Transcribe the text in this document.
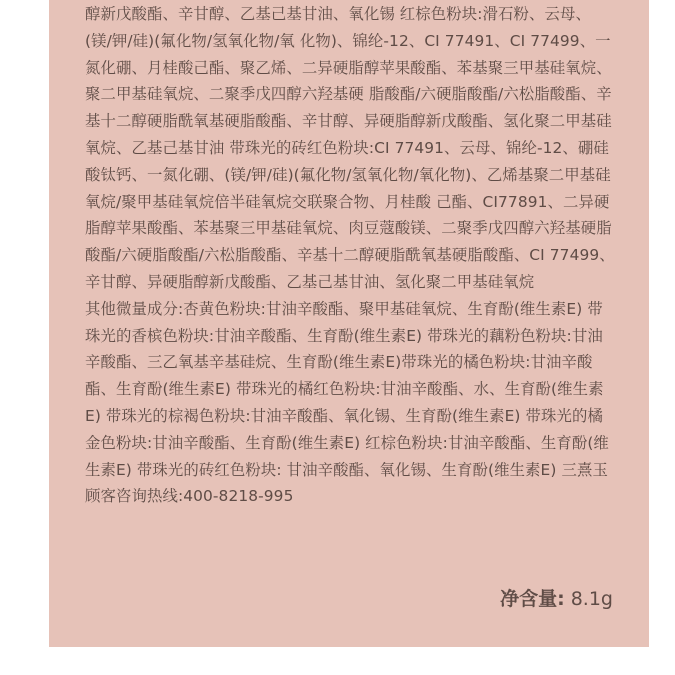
醇新戊酸酯、辛甘醇、乙基己基甘油、氧化锡 红棕色粉块:滑石粉、云母、(镁/钾/硅)(氟化物/氢氧化物/氧 化物)、锦纶-12、CI 77491、CI 77499、一氮化硼、月桂酸己酯、聚乙烯、二异硬脂醇苹果酸酯、苯基聚三甲基硅氧烷、聚二甲基硅氧烷、二聚季戊四醇六羟基硬 脂酸酯/六硬脂酸酯/六松脂酸酯、辛基十二醇硬脂酰氧基硬脂酸酯、辛甘醇、异硬脂醇新戊酸酯、氢化聚二甲基硅氧烷、乙基己基甘油 带珠光的砖红色粉块:CI 77491、云母、锦纶-12、硼硅酸钛钙、一氮化硼、(镁/钾/硅)(氟化物/氢氧化物/氧化物)、乙烯基聚二甲基硅氧烷/聚甲基硅氧烷倍半硅氧烷交联聚合物、月桂酸 己酯、CI77891、二异硬脂醇苹果酸酯、苯基聚三甲基硅氧烷、肉豆蔻酸镁、二聚季戊四醇六羟基硬脂酸酯/六硬脂酸酯/六松脂酸酯、辛基十二醇硬脂酰氧基硬脂酸酯、CI 77499、辛甘醇、异硬脂醇新戊酸酯、乙基己基甘油、氢化聚二甲基硅氧烷

其他微量成分:杏黄色粉块:甘油辛酸酯、聚甲基硅氧烷、生育酚(维生素E) 带 珠光的香槟色粉块:甘油辛酸酯、生育酚(维生素E) 带珠光的藕粉色粉块:甘油辛酸酯、三乙氧基辛基硅烷、生育酚(维生素E)带珠光的橘色粉块:甘油辛酸 酯、生育酚(维生素E) 带珠光的橘红色粉块:甘油辛酸酯、水、生育酚(维生素E) 带珠光的棕褐色粉块:甘油辛酸酯、氧化锡、生育酚(维生素E) 带珠光的橘

金色粉块:甘油辛酸酯、生育酚(维生素E) 红棕色粉块:甘油辛酸酯、生育酚(维生素E) 带珠光的砖红色粉块: 甘油辛酸酯、氧化锡、生育酚(维生素E) 三熹玉顾客咨询热线:400-8218-995

净含量: 8.1g
